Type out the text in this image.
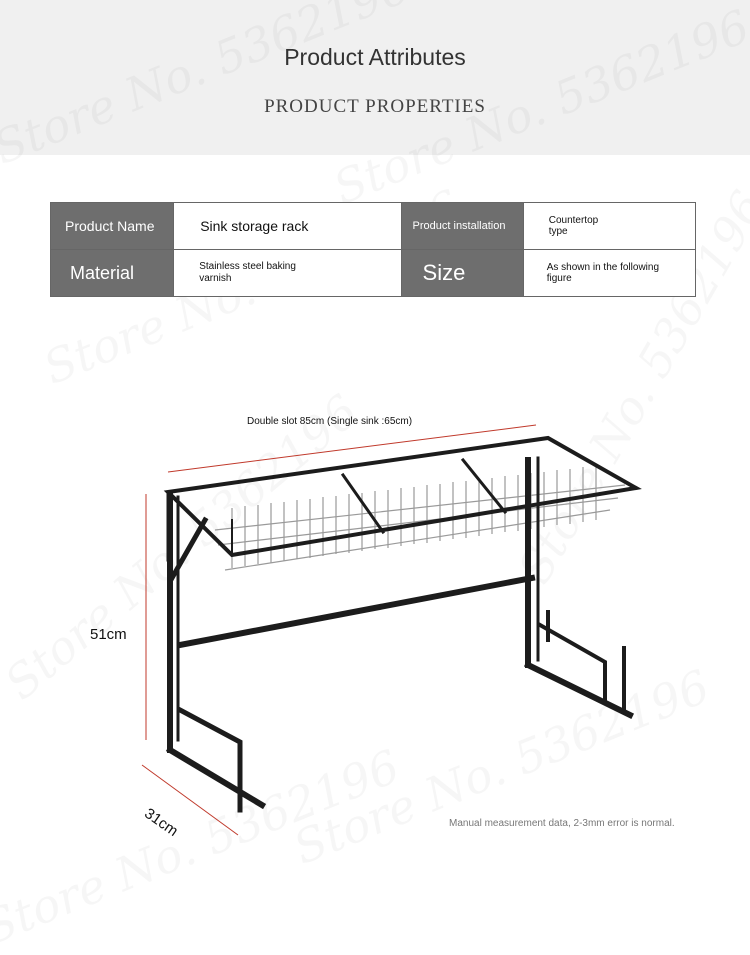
Product Attributes
PRODUCT PROPERTIES
Product Name	Sink storage rack	Product installation	Countertop type

Material	Stainless steel baking varnish	Size	As shown in the following figure
Double slot 85cm (Single sink :65cm)
51cm
31cm	Manual measurement data, 2-3mm error is normal.
